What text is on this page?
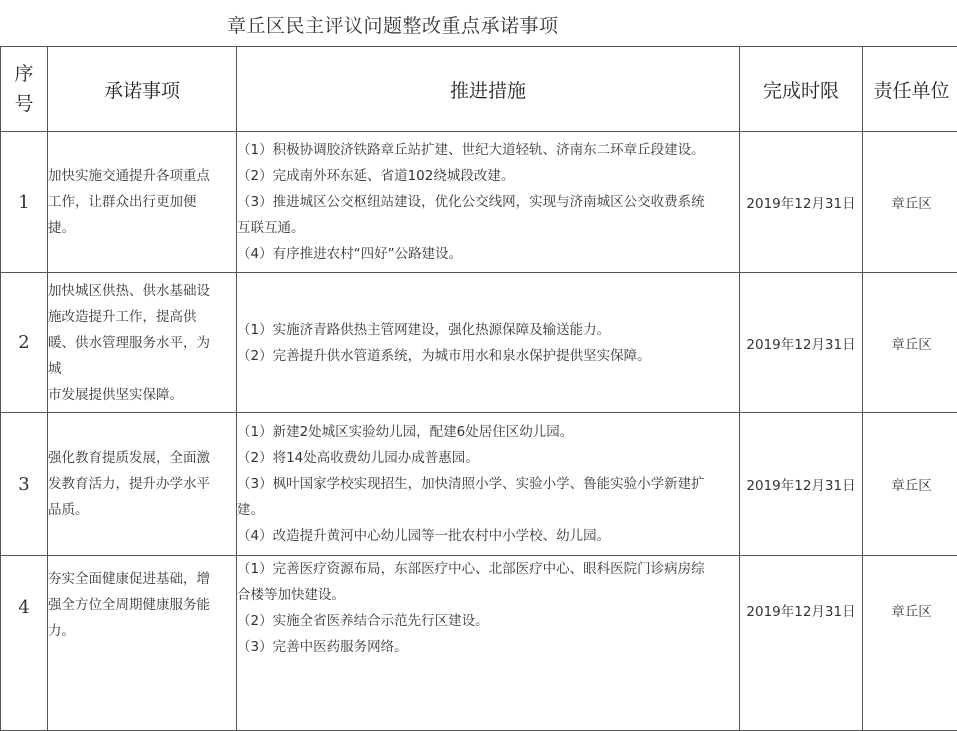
章丘区民主评议问题整改重点承诺事项
序
号	承诺事项	推进措施	完成时限	责任单位
1	加快实施交通提升各项重点
工作，让群众出行更加便
捷。	（1）积极协调胶济铁路章丘站扩建、世纪大道轻轨、济南东二环章丘段建设。
（2）完成南外环东延、省道102绕城段改建。
（3）推进城区公交枢纽站建设，优化公交线网，实现与济南城区公交收费系统
互联互通。
（4）有序推进农村“四好”公路建设。	2019年12月31日	章丘区
2	加快城区供热、供水基础设
施改造提升工作，提高供
暖、供水管理服务水平，为
城
市发展提供坚实保障。	（1）实施济青路供热主管网建设，强化热源保障及输送能力。
（2）完善提升供水管道系统，为城市用水和泉水保护提供坚实保障。	2019年12月31日	章丘区
3	强化教育提质发展，全面激
发教育活力，提升办学水平
品质。	（1）新建2处城区实验幼儿园，配建6处居住区幼儿园。
（2）将14处高收费幼儿园办成普惠园。
（3）枫叶国家学校实现招生，加快清照小学、实验小学、鲁能实验小学新建扩
建。
（4）改造提升黄河中心幼儿园等一批农村中小学校、幼儿园。	2019年12月31日	章丘区
4	夯实全面健康促进基础，增
强全方位全周期健康服务能
力。	（1）完善医疗资源布局，东部医疗中心、北部医疗中心、眼科医院门诊病房综
合楼等加快建设。
（2）实施全省医养结合示范先行区建设。
（3）完善中医药服务网络。	2019年12月31日	章丘区
